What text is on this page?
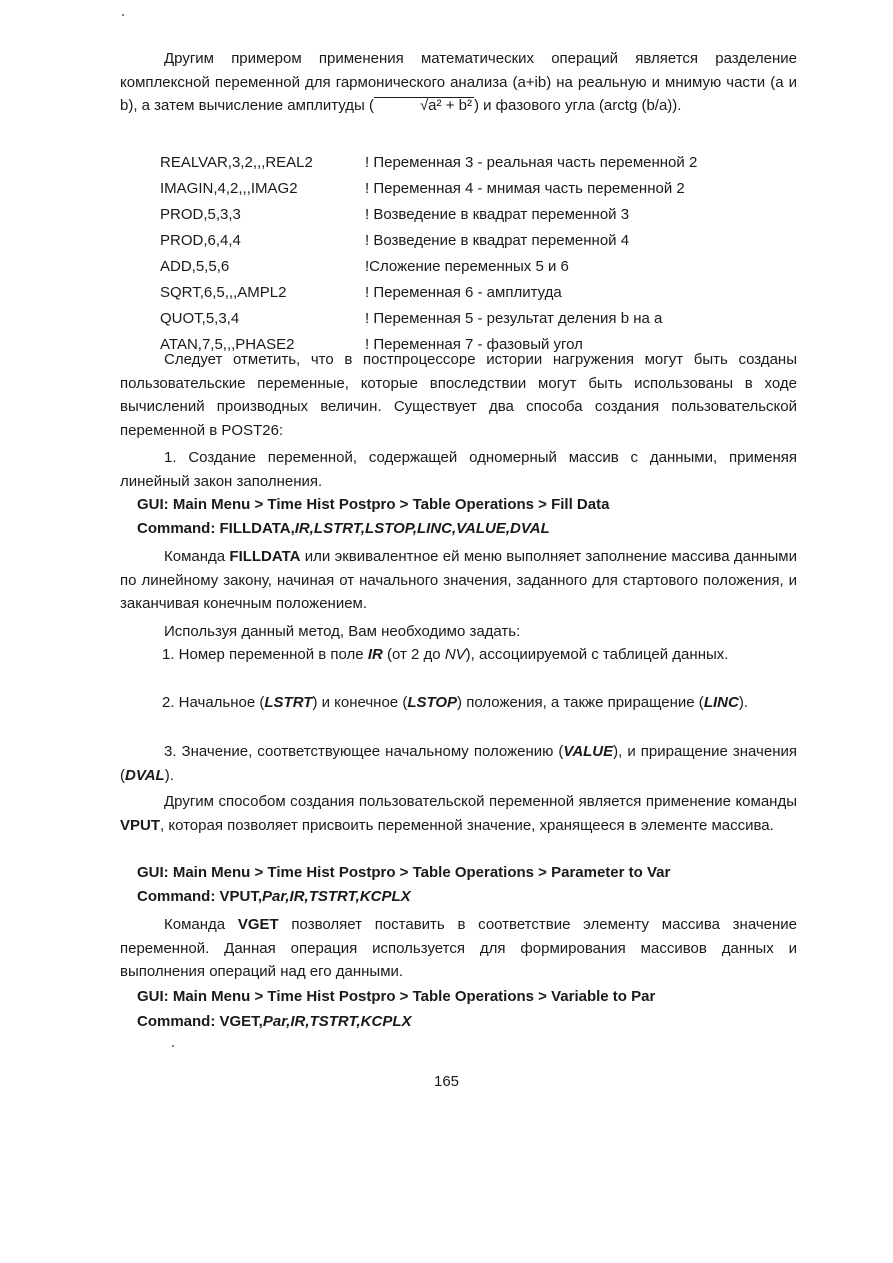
Другим примером применения математических операций является разделение комплексной переменной для гармонического анализа (a+ib) на реальную и мнимую части (a и b), а затем вычисление амплитуды (	√a² + b² ) и фазового угла (arctg (b/a)).

REALVAR,3,2,,,REAL2	! Переменная 3 - реальная часть переменной 2
IMAGIN,4,2,,,IMAG2	! Переменная 4 - мнимая часть переменной 2
PROD,5,3,3	! Возведение в квадрат переменной 3
PROD,6,4,4	! Возведение в квадрат переменной 4
ADD,5,5,6	!Сложение переменных 5 и 6
SQRT,6,5,,,AMPL2	! Переменная 6 - амплитуда
QUOT,5,3,4	! Переменная 5 - результат деления b на a
ATAN,7,5,,,PHASE2	! Переменная 7 - фазовый угол

Следует отметить, что в постпроцессоре истории нагружения могут быть созданы пользовательские переменные, которые впоследствии могут быть использованы в ходе вычислений производных величин. Существует два способа создания пользовательской переменной в POST26:

1. Создание переменной, содержащей одномерный массив с данными, применяя линейный закон заполнения.

GUI: Main Menu > Time Hist Postpro > Table Operations > Fill Data

Command: FILLDATA,IR,LSTRT,LSTOP,LINC,VALUE,DVAL

Команда FILLDATA или эквивалентное ей меню выполняет заполнение массива данными по линейному закону, начиная от начального значения, заданного для стартового положения, и заканчивая конечным положением.

Используя данный метод, Вам необходимо задать:

1. Номер переменной в поле IR (от 2 до NV), ассоциируемой с таблицей данных.

2. Начальное (LSTRT) и конечное (LSTOP) положения, а также приращение (LINC).

3. Значение, соответствующее начальному положению (VALUE), и приращение значения (DVAL).

Другим способом создания пользовательской переменной является применение команды VPUT, которая позволяет присвоить переменной значение, хранящееся в элементе массива.

GUI: Main Menu > Time Hist Postpro > Table Operations > Parameter to Var

Command: VPUT,Par,IR,TSTRT,KCPLX

Команда VGET позволяет поставить в соответствие элементу массива значение переменной. Данная операция используется для формирования массивов данных и выполнения операций над его данными.

GUI: Main Menu > Time Hist Postpro > Table Operations > Variable to Par

Command: VGET,Par,IR,TSTRT,KCPLX

165
